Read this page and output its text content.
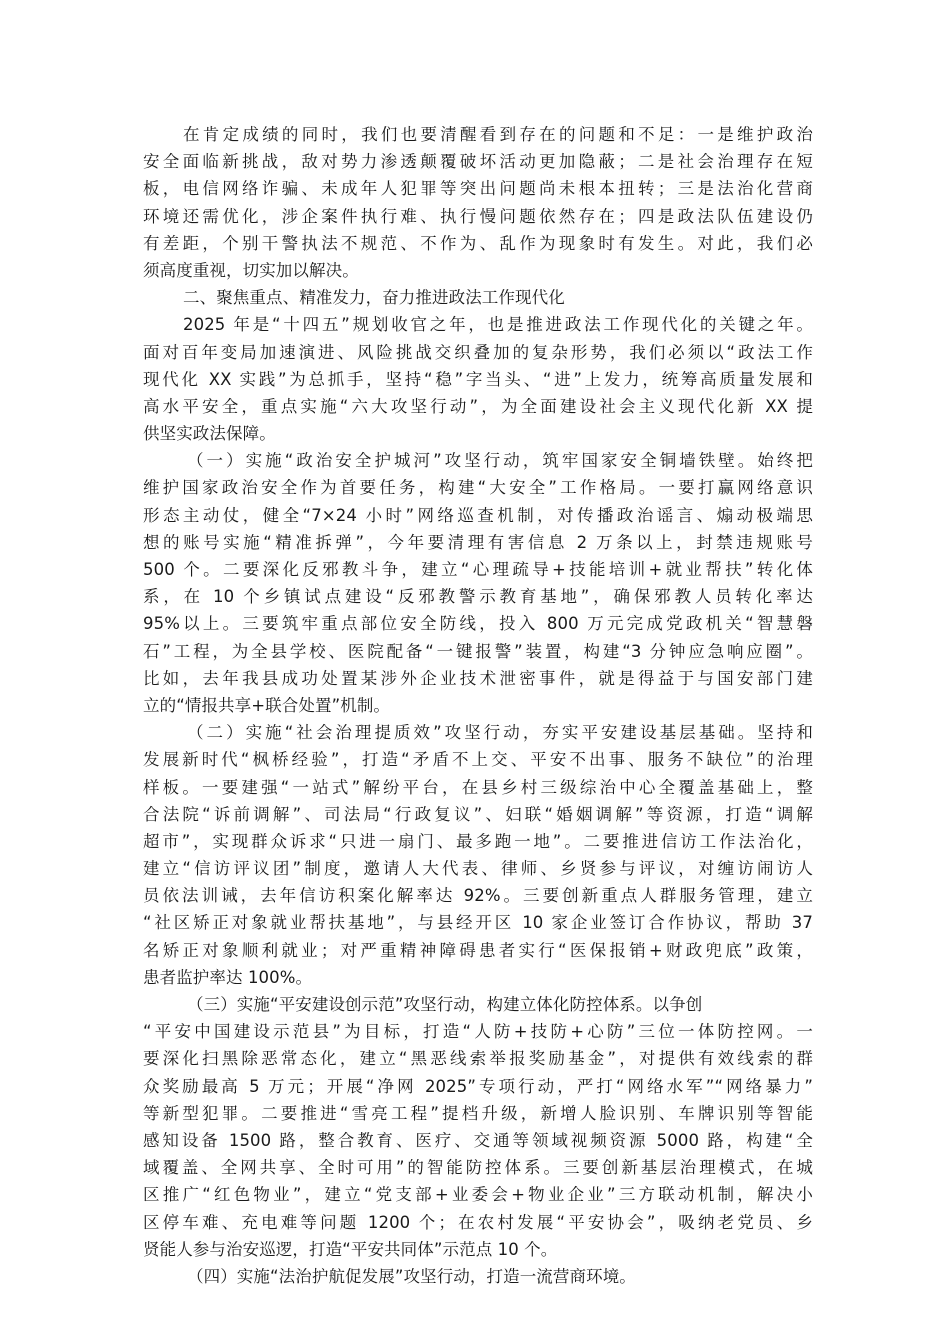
在肯定成绩的同时，我们也要清醒看到存在的问题和不足：一是维护政治
安全面临新挑战，敌对势力渗透颠覆破坏活动更加隐蔽；二是社会治理存在短
板，电信网络诈骗、未成年人犯罪等突出问题尚未根本扭转；三是法治化营商
环境还需优化，涉企案件执行难、执行慢问题依然存在；四是政法队伍建设仍
有差距，个别干警执法不规范、不作为、乱作为现象时有发生。对此，我们必
须高度重视，切实加以解决。
二、聚焦重点、精准发力，奋力推进政法工作现代化
2025 年是“十四五”规划收官之年，也是推进政法工作现代化的关键之年。
面对百年变局加速演进、风险挑战交织叠加的复杂形势，我们必须以“政法工作
现代化 XX 实践”为总抓手，坚持“稳”字当头、“进”上发力，统筹高质量发展和
高水平安全，重点实施“六大攻坚行动”，为全面建设社会主义现代化新 XX 提
供坚实政法保障。
（一）实施“政治安全护城河”攻坚行动，筑牢国家安全铜墙铁壁。始终把
维护国家政治安全作为首要任务，构建“大安全”工作格局。一要打赢网络意识
形态主动仗，健全“7×24 小时”网络巡查机制，对传播政治谣言、煽动极端思
想的账号实施“精准拆弹”，今年要清理有害信息 2 万条以上，封禁违规账号
500 个。二要深化反邪教斗争，建立“心理疏导+技能培训+就业帮扶”转化体
系，在 10 个乡镇试点建设“反邪教警示教育基地”，确保邪教人员转化率达
95%以上。三要筑牢重点部位安全防线，投入 800 万元完成党政机关“智慧磐
石”工程，为全县学校、医院配备“一键报警”装置，构建“3 分钟应急响应圈”。
比如，去年我县成功处置某涉外企业技术泄密事件，就是得益于与国安部门建
立的“情报共享+联合处置”机制。
（二）实施“社会治理提质效”攻坚行动，夯实平安建设基层基础。坚持和
发展新时代“枫桥经验”，打造“矛盾不上交、平安不出事、服务不缺位”的治理
样板。一要建强“一站式”解纷平台，在县乡村三级综治中心全覆盖基础上，整
合法院“诉前调解”、司法局“行政复议”、妇联“婚姻调解”等资源，打造“调解
超市”，实现群众诉求“只进一扇门、最多跑一地”。二要推进信访工作法治化，
建立“信访评议团”制度，邀请人大代表、律师、乡贤参与评议，对缠访闹访人
员依法训诫，去年信访积案化解率达 92%。三要创新重点人群服务管理，建立
“社区矫正对象就业帮扶基地”，与县经开区 10 家企业签订合作协议，帮助 37
名矫正对象顺利就业；对严重精神障碍患者实行“医保报销+财政兜底”政策，
患者监护率达 100%。
（三）实施“平安建设创示范”攻坚行动，构建立体化防控体系。以争创
“平安中国建设示范县”为目标，打造“人防+技防+心防”三位一体防控网。一
要深化扫黑除恶常态化，建立“黑恶线索举报奖励基金”，对提供有效线索的群
众奖励最高 5 万元；开展“净网 2025”专项行动，严打“网络水军”“网络暴力”
等新型犯罪。二要推进“雪亮工程”提档升级，新增人脸识别、车牌识别等智能
感知设备 1500 路，整合教育、医疗、交通等领域视频资源 5000 路，构建“全
域覆盖、全网共享、全时可用”的智能防控体系。三要创新基层治理模式，在城
区推广“红色物业”，建立“党支部+业委会+物业企业”三方联动机制，解决小
区停车难、充电难等问题 1200 个；在农村发展“平安协会”，吸纳老党员、乡
贤能人参与治安巡逻，打造“平安共同体”示范点 10 个。
（四）实施“法治护航促发展”攻坚行动，打造一流营商环境。
